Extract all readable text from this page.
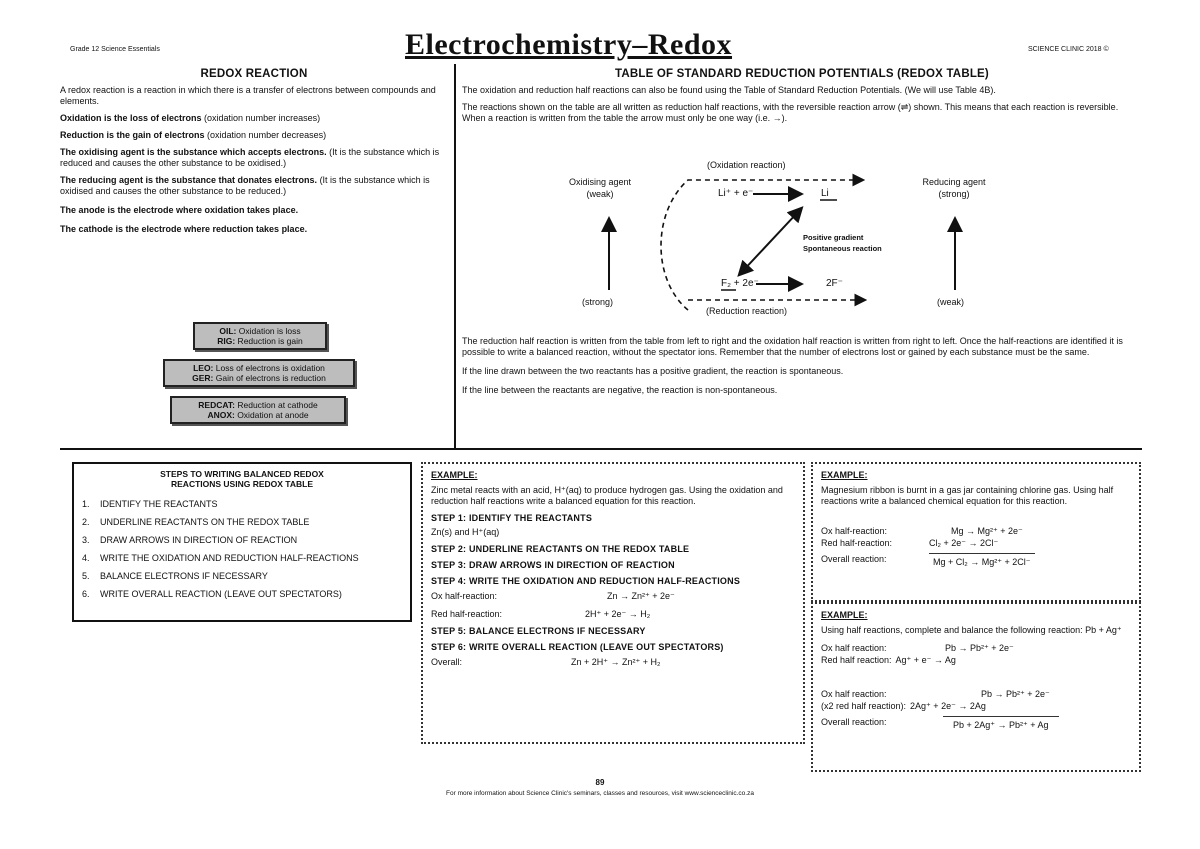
Grade 12 Science Essentials	Electrochemistry–Redox	SCIENCE CLINIC 2018 ©
REDOX REACTION

A redox reaction is a reaction in which there is a transfer of electrons between compounds and elements.

Oxidation is the loss of electrons (oxidation number increases)

Reduction is the gain of electrons (oxidation number decreases)

The oxidising agent is the substance which accepts electrons. (It is the substance which is reduced and causes the other substance to be oxidised.)

The reducing agent is the substance that donates electrons. (It is the substance which is oxidised and causes the other substance to be reduced.)

The anode is the electrode where oxidation takes place.

The cathode is the electrode where reduction takes place.

OIL: Oxidation is loss
RIG: Reduction is gain
LEO: Loss of electrons is oxidation
GER: Gain of electrons is reduction
REDCAT: Reduction at cathode
ANOX: Oxidation at anode
TABLE OF STANDARD REDUCTION POTENTIALS (REDOX TABLE)

The oxidation and reduction half reactions can also be found using the Table of Standard Reduction Potentials. (We will use Table 4B).

The reactions shown on the table are all written as reduction half reactions, with the reversible reaction arrow (⇌) shown. This means that each reaction is reversible. When a reaction is written from the table the arrow must only be one way (i.e. →).

Oxidising agent
(weak)
(strong)
Reducing agent
(strong)
(weak)
(Oxidation reaction)
(Reduction reaction)
Li⁺ + e⁻	Li
F₂ + 2e⁻	2F⁻
Positive gradient
Spontaneous reaction

The reduction half reaction is written from the table from left to right and the oxidation half reaction is written from right to left. Once the half-reactions are identified it is possible to write a balanced reaction, without the spectator ions. Remember that the number of electrons lost or gained by each substance must be the same.

If the line drawn between the two reactants has a positive gradient, the reaction is spontaneous.

If the line between the reactants are negative, the reaction is non-spontaneous.

STEPS TO WRITING BALANCED REDOX
REACTIONS USING REDOX TABLE
1.	IDENTIFY THE REACTANTS
2.	UNDERLINE REACTANTS ON THE REDOX TABLE
3.	DRAW ARROWS IN DIRECTION OF REACTION
4.	WRITE THE OXIDATION AND REDUCTION HALF-REACTIONS
5.	BALANCE ELECTRONS IF NECESSARY
6.	WRITE OVERALL REACTION (LEAVE OUT SPECTATORS)
EXAMPLE:
Zinc metal reacts with an acid, H⁺(aq) to produce hydrogen gas. Using the oxidation and reduction half reactions write a balanced equation for this reaction.
STEP 1: IDENTIFY THE REACTANTS
Zn(s) and H⁺(aq)
STEP 2: UNDERLINE REACTANTS ON THE REDOX TABLE
STEP 3: DRAW ARROWS IN DIRECTION OF REACTION
STEP 4: WRITE THE OXIDATION AND REDUCTION HALF-REACTIONS
Ox half-reaction:	Zn → Zn²⁺ + 2e⁻
Red half-reaction:	2H⁺ + 2e⁻ → H₂
STEP 5: BALANCE ELECTRONS IF NECESSARY
STEP 6: WRITE OVERALL REACTION (LEAVE OUT SPECTATORS)
Overall:	Zn + 2H⁺ → Zn²⁺ + H₂
EXAMPLE:
Magnesium ribbon is burnt in a gas jar containing chlorine gas. Using half reactions write a balanced chemical equation for this reaction.
Ox half-reaction:	Mg → Mg²⁺ + 2e⁻
Red half-reaction:	Cl₂ + 2e⁻ → 2Cl⁻
Overall reaction:	Mg + Cl₂ → Mg²⁺ + 2Cl⁻
EXAMPLE:
Using half reactions, complete and balance the following reaction: Pb + Ag⁺
Ox half reaction:	Pb → Pb²⁺ + 2e⁻
Red half reaction: Ag⁺ + e⁻ → Ag
Ox half reaction:	Pb → Pb²⁺ + 2e⁻
(x2 red half reaction): 2Ag⁺ + 2e⁻ → 2Ag
Overall reaction:	Pb + 2Ag⁺ → Pb²⁺ + Ag
89
For more information about Science Clinic's seminars, classes and resources, visit www.scienceclinic.co.za
